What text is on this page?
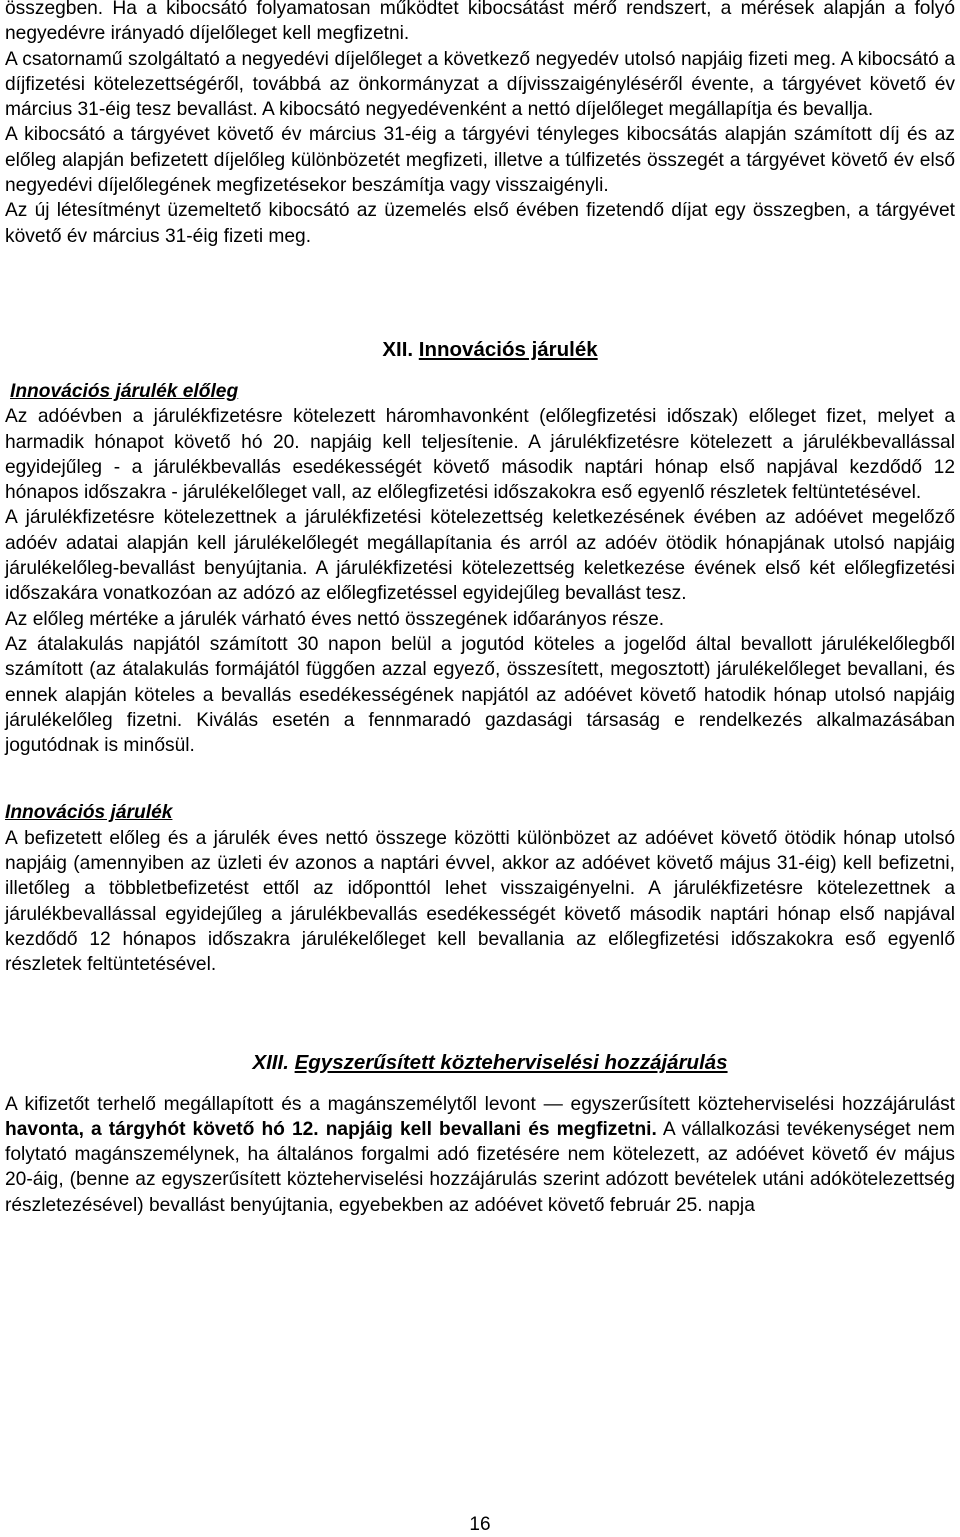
összegben. Ha a kibocsátó folyamatosan működtet kibocsátást mérő rendszert, a mérések alapján a folyó negyedévre irányadó díjelőleget kell megfizetni.

A csatornamű szolgáltató a negyedévi díjelőleget a következő negyedév utolsó napjáig fizeti meg. A kibocsátó a díjfizetési kötelezettségéről, továbbá az önkormányzat a díjvisszaigényléséről évente, a tárgyévet követő év március 31-éig tesz bevallást. A kibocsátó negyedévenként a nettó díjelőleget megállapítja és bevallja.

A kibocsátó a tárgyévet követő év március 31-éig a tárgyévi tényleges kibocsátás alapján számított díj és az előleg alapján befizetett díjelőleg különbözetét megfizeti, illetve a túlfizetés összegét a tárgyévet követő év első negyedévi díjelőlegének megfizetésekor beszámítja vagy visszaigényli.

Az új létesítményt üzemeltető kibocsátó az üzemelés első évében fizetendő díjat egy összegben, a tárgyévet követő év március 31-éig fizeti meg.

XII. Innovációs járulék

Innovációs járulék előleg

Az adóévben a járulékfizetésre kötelezett háromhavonként (előlegfizetési időszak) előleget fizet, melyet a harmadik hónapot követő hó 20. napjáig kell teljesítenie. A járulékfizetésre kötelezett a járulékbevallással egyidejűleg - a járulékbevallás esedékességét követő második naptári hónap első napjával kezdődő 12 hónapos időszakra - járulékelőleget vall, az előlegfizetési időszakokra eső egyenlő részletek feltüntetésével.

A járulékfizetésre kötelezettnek a járulékfizetési kötelezettség keletkezésének évében az adóévet megelőző adóév adatai alapján kell járulékelőlegét megállapítania és arról az adóév ötödik hónapjának utolsó napjáig járulékelőleg-bevallást benyújtania. A járulékfizetési kötelezettség keletkezése évének első két előlegfizetési időszakára vonatkozóan az adózó az előlegfizetéssel egyidejűleg bevallást tesz.

Az előleg mértéke a járulék várható éves nettó összegének időarányos része.

Az átalakulás napjától számított 30 napon belül a jogutód köteles a jogelőd által bevallott járulékelőlegből számított (az átalakulás formájától függően azzal egyező, összesített, megosztott) járulékelőleget bevallani, és ennek alapján köteles a bevallás esedékességének napjától az adóévet követő hatodik hónap utolsó napjáig járulékelőleg fizetni. Kiválás esetén a fennmaradó gazdasági társaság e rendelkezés alkalmazásában jogutódnak is minősül.

Innovációs járulék

A befizetett előleg és a járulék éves nettó összege közötti különbözet az adóévet követő ötödik hónap utolsó napjáig (amennyiben az üzleti év azonos a naptári évvel, akkor az adóévet követő május 31-éig) kell befizetni, illetőleg a többletbefizetést ettől az időponttól lehet visszaigényelni. A járulékfizetésre kötelezettnek a járulékbevallással egyidejűleg a járulékbevallás esedékességét követő második naptári hónap első napjával kezdődő 12 hónapos időszakra járulékelőleget kell bevallania az előlegfizetési időszakokra eső egyenlő részletek feltüntetésével.

XIII. Egyszerűsített közteherviselési hozzájárulás

A kifizetőt terhelő megállapított és a magánszemélytől levont — egyszerűsített közteherviselési hozzájárulást havonta, a tárgyhót követő hó 12. napjáig kell bevallani és megfizetni. A vállalkozási tevékenységet nem folytató magánszemélynek, ha általános forgalmi adó fizetésére nem kötelezett, az adóévet követő év május 20-áig, (benne az egyszerűsített közteherviselési hozzájárulás szerint adózott bevételek utáni adókötelezettség részletezésével) bevallást benyújtania, egyebekben az adóévet követő február 25. napja

16
